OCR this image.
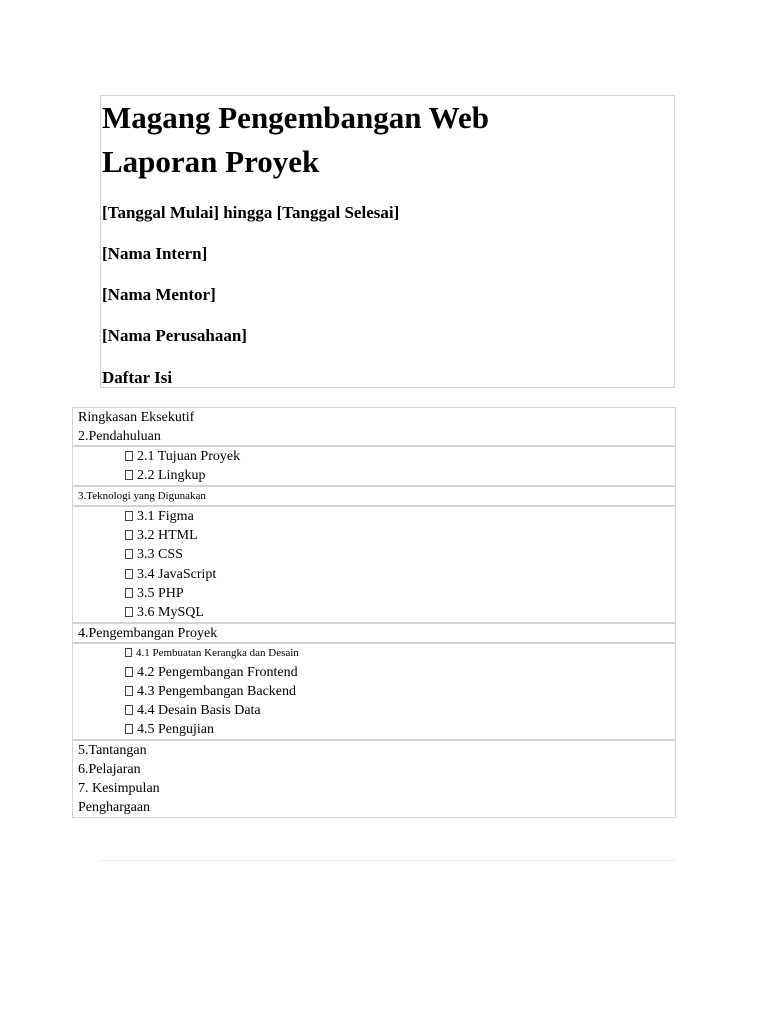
Magang Pengembangan Web
Laporan Proyek
[Tanggal Mulai] hingga [Tanggal Selesai]
[Nama Intern]
[Nama Mentor]
[Nama Perusahaan]
Daftar Isi
Ringkasan Eksekutif
2.Pendahuluan
2.1 Tujuan Proyek
2.2 Lingkup
3.Teknologi yang Digunakan
3.1 Figma
3.2 HTML
3.3 CSS
3.4 JavaScript
3.5 PHP
3.6 MySQL
4.Pengembangan Proyek
4.1 Pembuatan Kerangka dan Desain
4.2 Pengembangan Frontend
4.3 Pengembangan Backend
4.4 Desain Basis Data
4.5 Pengujian
5.Tantangan
6.Pelajaran
7. Kesimpulan
Penghargaan
